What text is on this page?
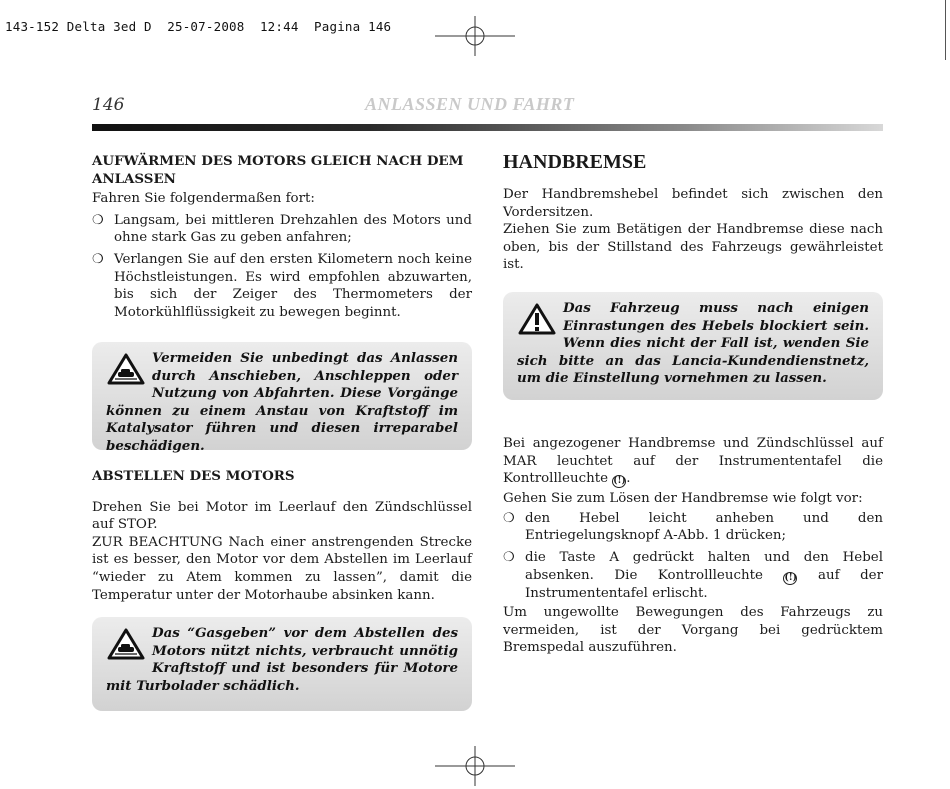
143-152 Delta 3ed D  25-07-2008  12:44  Pagina 146
146	ANLASSEN UND FAHRT

AUFWÄRMEN DES MOTORS GLEICH NACH DEM ANLASSEN

Fahren Sie folgendermaßen fort:

❍ Langsam, bei mittleren Drehzahlen des Motors und ohne stark Gas zu geben anfahren;
❍ Verlangen Sie auf den ersten Kilometern noch keine Höchstleistungen. Es wird empfohlen abzuwarten, bis sich der Zeiger des Thermometers der Motorkühlflüssigkeit zu bewegen beginnt.
Vermeiden Sie unbedingt das Anlassen durch Anschieben, Anschleppen oder Nutzung von Abfahrten. Diese Vorgänge können zu einem Anstau von Kraftstoff im Katalysator führen und diesen irreparabel beschädigen.

ABSTELLEN DES MOTORS

Drehen Sie bei Motor im Leerlauf den Zündschlüssel auf STOP.

ZUR BEACHTUNG Nach einer anstrengenden Strecke ist es besser, den Motor vor dem Abstellen im Leerlauf “wieder zu Atem kommen zu lassen”, damit die Temperatur unter der Motorhaube absinken kann.

Das “Gasgeben” vor dem Abstellen des Motors nützt nichts, verbraucht unnötig Kraftstoff und ist besonders für Motore mit Turbolader schädlich.

HANDBREMSE

Der Handbremshebel befindet sich zwischen den Vordersitzen.

Ziehen Sie zum Betätigen der Handbremse diese nach oben, bis der Stillstand des Fahrzeugs gewährleistet ist.

Das Fahrzeug muss nach einigen Einrastungen des Hebels blockiert sein. Wenn dies nicht der Fall ist, wenden Sie sich bitte an das Lancia-Kundendienstnetz, um die Einstellung vornehmen zu lassen.

Bei angezogener Handbremse und Zündschlüssel auf MAR leuchtet auf der Instrumententafel die Kontrollleuchte (!).

Gehen Sie zum Lösen der Handbremse wie folgt vor:

❍ den Hebel leicht anheben und den Entriegelungsknopf A-Abb. 1 drücken;
❍ die Taste A gedrückt halten und den Hebel absenken. Die Kontrollleuchte (!) auf der Instrumententafel erlischt.

Um ungewollte Bewegungen des Fahrzeugs zu vermeiden, ist der Vorgang bei gedrücktem Bremspedal auszuführen.
